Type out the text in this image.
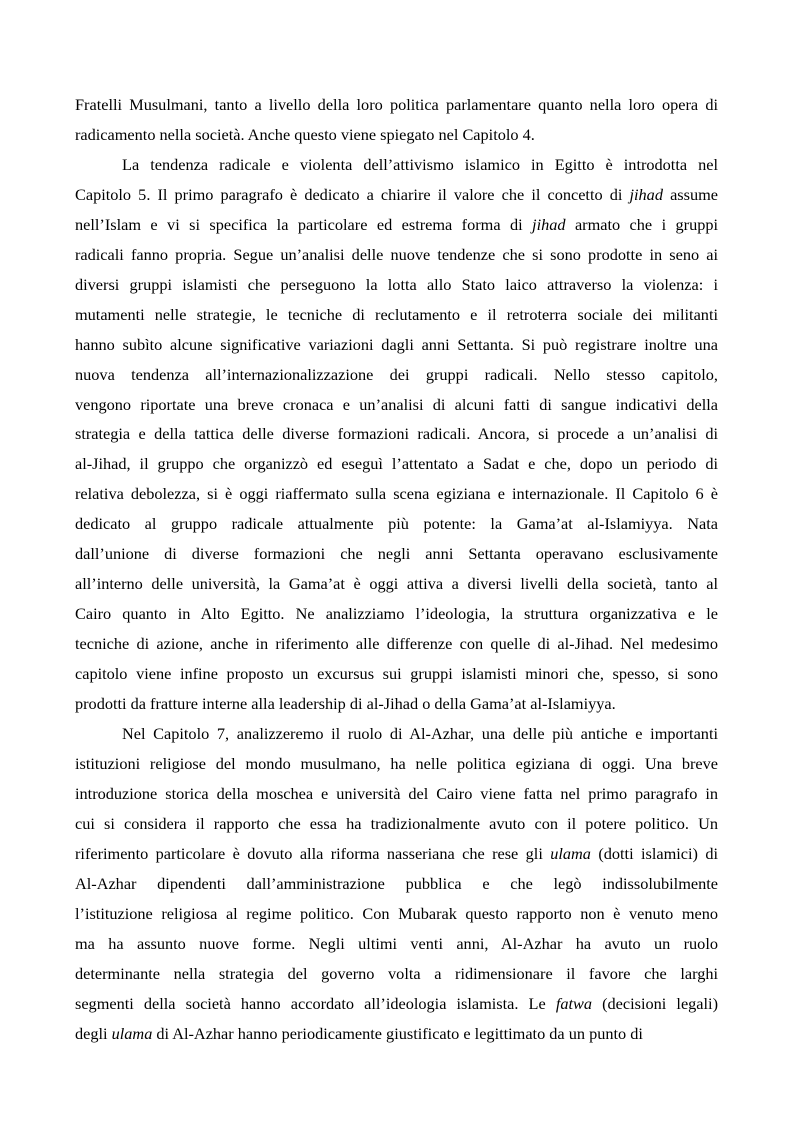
Fratelli Musulmani, tanto a livello della loro politica parlamentare quanto nella loro opera di
radicamento nella società. Anche questo viene spiegato nel Capitolo 4.

La tendenza radicale e violenta dell’attivismo islamico in Egitto è introdotta nel
Capitolo 5. Il primo paragrafo è dedicato a chiarire il valore che il concetto di jihad assume
nell’Islam e vi si specifica la particolare ed estrema forma di jihad armato che i gruppi
radicali fanno propria. Segue un’analisi delle nuove tendenze che si sono prodotte in seno ai
diversi gruppi islamisti che perseguono la lotta allo Stato laico attraverso la violenza: i
mutamenti nelle strategie, le tecniche di reclutamento e il retroterra sociale dei militanti
hanno subìto alcune significative variazioni dagli anni Settanta. Si può registrare inoltre una
nuova tendenza all’internazionalizzazione dei gruppi radicali. Nello stesso capitolo,
vengono riportate una breve cronaca e un’analisi di alcuni fatti di sangue indicativi della
strategia e della tattica delle diverse formazioni radicali. Ancora, si procede a un’analisi di
al-Jihad, il gruppo che organizzò ed eseguì l’attentato a Sadat e che, dopo un periodo di
relativa debolezza, si è oggi riaffermato sulla scena egiziana e internazionale. Il Capitolo 6 è
dedicato al gruppo radicale attualmente più potente: la Gama’at al-Islamiyya. Nata
dall’unione di diverse formazioni che negli anni Settanta operavano esclusivamente
all’interno delle università, la Gama’at è oggi attiva a diversi livelli della società, tanto al
Cairo quanto in Alto Egitto. Ne analizziamo l’ideologia, la struttura organizzativa e le
tecniche di azione, anche in riferimento alle differenze con quelle di al-Jihad. Nel medesimo
capitolo viene infine proposto un excursus sui gruppi islamisti minori che, spesso, si sono
prodotti da fratture interne alla leadership di al-Jihad o della Gama’at al-Islamiyya.

Nel Capitolo 7, analizzeremo il ruolo di Al-Azhar, una delle più antiche e importanti
istituzioni religiose del mondo musulmano, ha nelle politica egiziana di oggi. Una breve
introduzione storica della moschea e università del Cairo viene fatta nel primo paragrafo in
cui si considera il rapporto che essa ha tradizionalmente avuto con il potere politico. Un
riferimento particolare è dovuto alla riforma nasseriana che rese gli ulama (dotti islamici) di
Al-Azhar dipendenti dall’amministrazione pubblica e che legò indissolubilmente
l’istituzione religiosa al regime politico. Con Mubarak questo rapporto non è venuto meno
ma ha assunto nuove forme. Negli ultimi venti anni, Al-Azhar ha avuto un ruolo
determinante nella strategia del governo volta a ridimensionare il favore che larghi
segmenti della società hanno accordato all’ideologia islamista. Le fatwa (decisioni legali)
degli ulama di Al-Azhar hanno periodicamente giustificato e legittimato da un punto di
